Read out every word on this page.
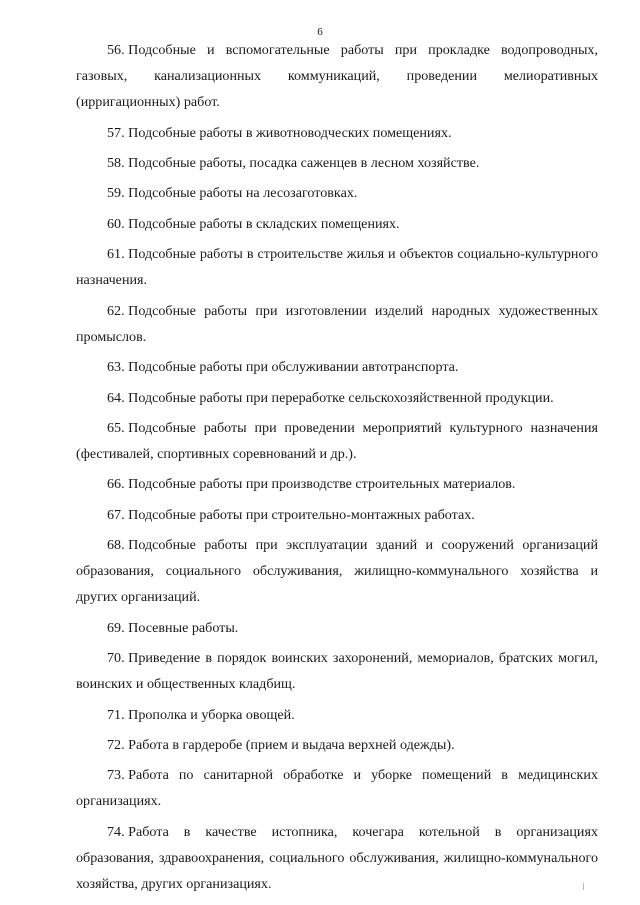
6

56. Подсобные и вспомогательные работы при прокладке водопроводных, газовых, канализационных коммуникаций, проведении мелиоративных (ирригационных) работ.

57. Подсобные работы в животноводческих помещениях.

58. Подсобные работы, посадка саженцев в лесном хозяйстве.

59. Подсобные работы на лесозаготовках.

60. Подсобные работы в складских помещениях.

61. Подсобные работы в строительстве жилья и объектов социально-культурного назначения.

62. Подсобные работы при изготовлении изделий народных художественных промыслов.

63. Подсобные работы при обслуживании автотранспорта.

64. Подсобные работы при переработке сельскохозяйственной продукции.

65. Подсобные работы при проведении мероприятий культурного назначения (фестивалей, спортивных соревнований и др.).

66. Подсобные работы при производстве строительных материалов.

67. Подсобные работы при строительно-монтажных работах.

68. Подсобные работы при эксплуатации зданий и сооружений организаций образования, социального обслуживания, жилищно-коммунального хозяйства и других организаций.

69. Посевные работы.

70. Приведение в порядок воинских захоронений, мемориалов, братских могил, воинских и общественных кладбищ.

71. Прополка и уборка овощей.

72. Работа в гардеробе (прием и выдача верхней одежды).

73. Работа по санитарной обработке и уборке помещений в медицинских организациях.

74. Работа в качестве истопника, кочегара котельной в организациях образования, здравоохранения, социального обслуживания, жилищно-коммунального хозяйства, других организациях.
